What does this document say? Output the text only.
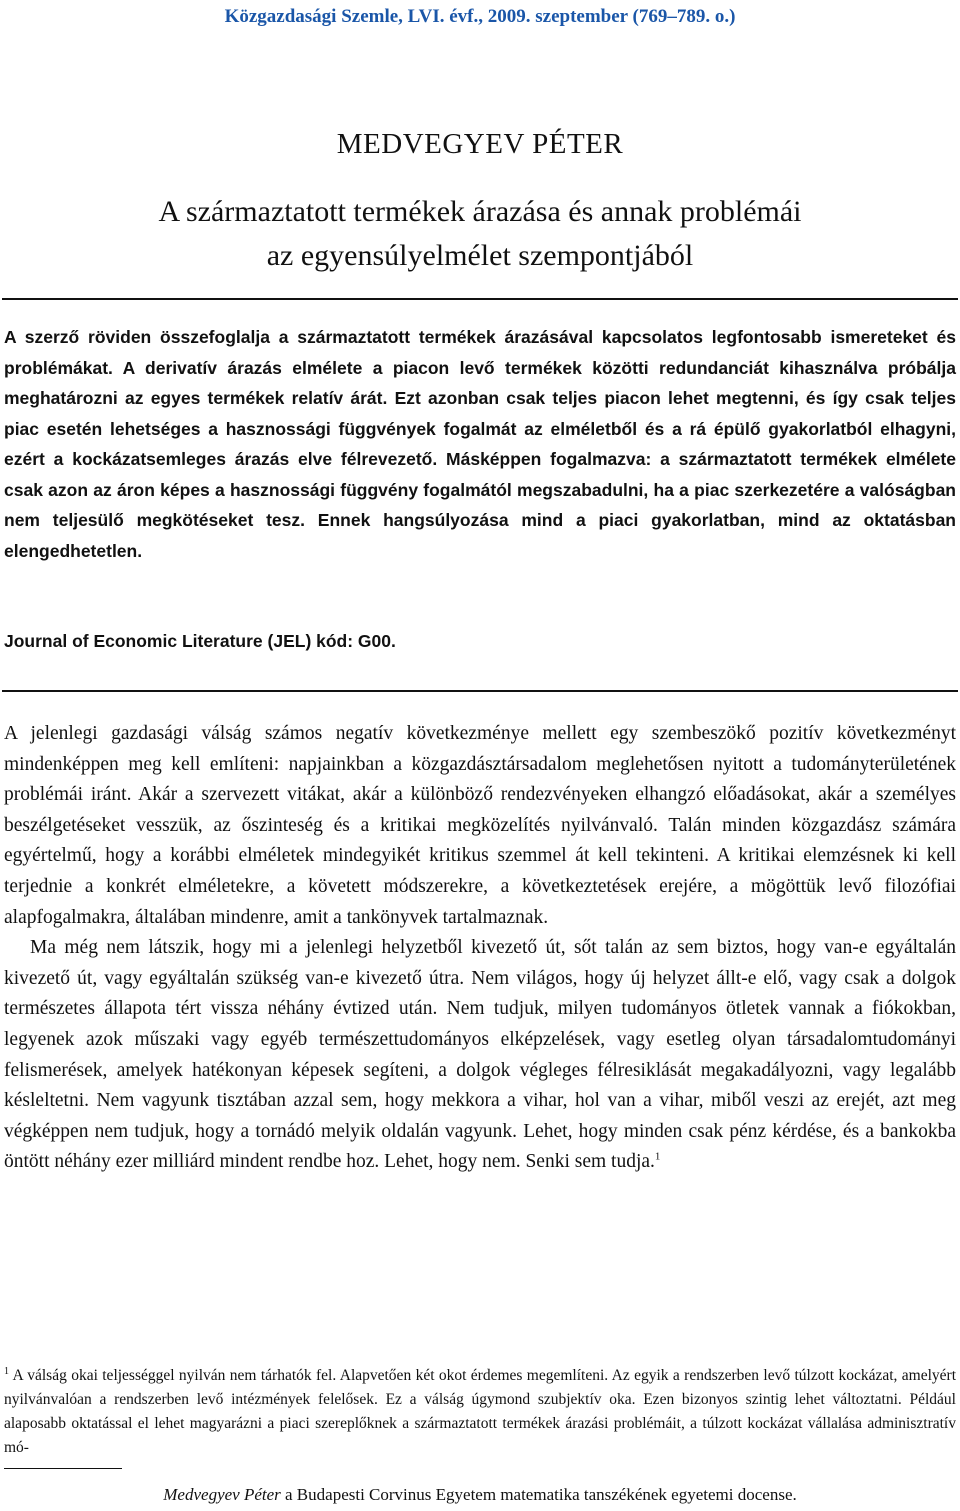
Közgazdasági Szemle, LVI. évf., 2009. szeptember (769–789. o.)
MEDVEGYEV PÉTER
A származtatott termékek árazása és annak problémái
az egyensúlyelmélet szempontjából

A szerző röviden összefoglalja a származtatott termékek árazásával kapcsolatos legfontosabb ismereteket és problémákat. A derivatív árazás elmélete a piacon levő termékek közötti redundanciát kihasználva próbálja meghatározni az egyes termékek relatív árát. Ezt azonban csak teljes piacon lehet megtenni, és így csak teljes piac esetén lehetséges a hasznossági függvények fogalmát az elméletből és a rá épülő gyakorlatból elhagyni, ezért a kockázatsemleges árazás elve félrevezető. Másképpen fogalmazva: a származtatott termékek elmélete csak azon az áron képes a hasznossági függvény fogalmától megszabadulni, ha a piac szerkezetére a valóságban nem teljesülő megkötéseket tesz. Ennek hangsúlyozása mind a piaci gyakorlatban, mind az oktatásban elengedhetetlen.

Journal of Economic Literature (JEL) kód: G00.

A jelenlegi gazdasági válság számos negatív következménye mellett egy szembeszökő pozitív következményt mindenképpen meg kell említeni: napjainkban a közgazdásztársadalom meglehetősen nyitott a tudományterületének problémái iránt. Akár a szervezett vitákat, akár a különböző rendezvényeken elhangzó előadásokat, akár a személyes beszélgetéseket vesszük, az őszinteség és a kritikai megközelítés nyilvánvaló. Talán minden közgazdász számára egyértelmű, hogy a korábbi elméletek mindegyikét kritikus szemmel át kell tekinteni. A kritikai elemzésnek ki kell terjednie a konkrét elméletekre, a követett módszerekre, a következtetések erejére, a mögöttük levő filozófiai alapfogalmakra, általában mindenre, amit a tankönyvek tartalmaznak.

Ma még nem látszik, hogy mi a jelenlegi helyzetből kivezető út, sőt talán az sem biztos, hogy van-e egyáltalán kivezető út, vagy egyáltalán szükség van-e kivezető útra. Nem világos, hogy új helyzet állt-e elő, vagy csak a dolgok természetes állapota tért vissza néhány évtized után. Nem tudjuk, milyen tudományos ötletek vannak a fiókokban, legyenek azok műszaki vagy egyéb természettudományos elképzelések, vagy esetleg olyan társadalomtudományi felismerések, amelyek hatékonyan képesek segíteni, a dolgok végleges félresiklását megakadályozni, vagy legalább késleltetni. Nem vagyunk tisztában azzal sem, hogy mekkora a vihar, hol van a vihar, miből veszi az erejét, azt meg végképpen nem tudjuk, hogy a tornádó melyik oldalán vagyunk. Lehet, hogy minden csak pénz kérdése, és a bankokba öntött néhány ezer milliárd mindent rendbe hoz. Lehet, hogy nem. Senki sem tudja.$^1$

$^1$ A válság okai teljességgel nyilván nem tárhatók fel. Alapvetően két okot érdemes megemlíteni. Az egyik a rendszerben levő túlzott kockázat, amelyért nyilvánvalóan a rendszerben levő intézmények felelősek. Ez a válság úgymond szubjektív oka. Ezen bizonyos szintig lehet változtatni. Például alaposabb oktatással el lehet magyarázni a piaci szereplőknek a származtatott termékek árazási problémáit, a túlzott kockázat vállalása adminisztratív mó-

Medvegyev Péter a Budapesti Corvinus Egyetem matematika tanszékének egyetemi docense.
